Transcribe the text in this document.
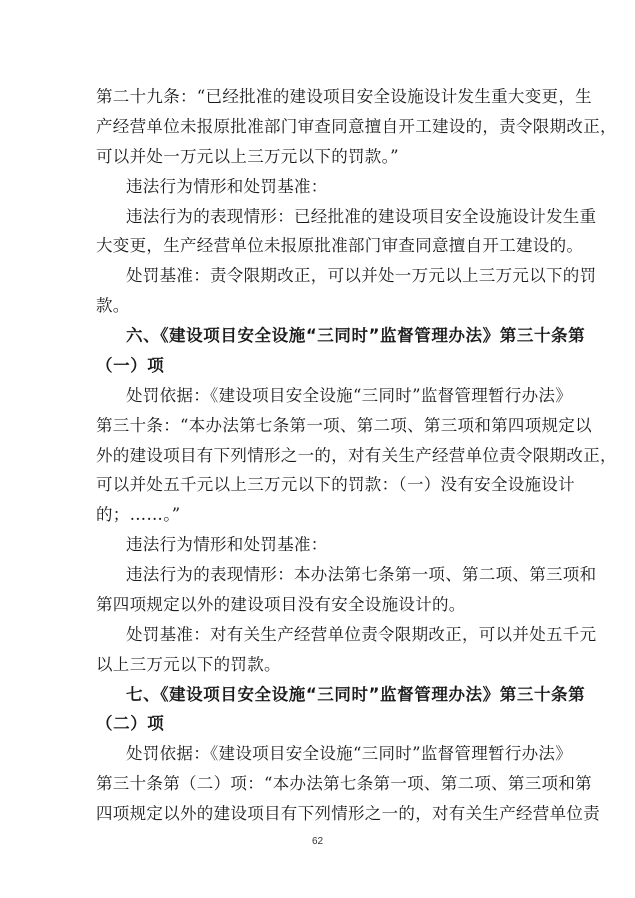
第二十九条：“已经批准的建设项目安全设施设计发生重大变更，生
产经营单位未报原批准部门审查同意擅自开工建设的，责令限期改正，
可以并处一万元以上三万元以下的罚款。”
违法行为情形和处罚基准：
违法行为的表现情形：已经批准的建设项目安全设施设计发生重
大变更，生产经营单位未报原批准部门审查同意擅自开工建设的。
处罚基准：责令限期改正，可以并处一万元以上三万元以下的罚
款。
六、《建设项目安全设施“三同时”监督管理办法》第三十条第
（一）项
处罚依据：《建设项目安全设施“三同时”监督管理暂行办法》
第三十条：“本办法第七条第一项、第二项、第三项和第四项规定以
外的建设项目有下列情形之一的，对有关生产经营单位责令限期改正，
可以并处五千元以上三万元以下的罚款：（一）没有安全设施设计
的；……。”
违法行为情形和处罚基准：
违法行为的表现情形：本办法第七条第一项、第二项、第三项和
第四项规定以外的建设项目没有安全设施设计的。
处罚基准：对有关生产经营单位责令限期改正，可以并处五千元
以上三万元以下的罚款。
七、《建设项目安全设施“三同时”监督管理办法》第三十条第
（二）项
处罚依据：《建设项目安全设施“三同时”监督管理暂行办法》
第三十条第（二）项：“本办法第七条第一项、第二项、第三项和第
四项规定以外的建设项目有下列情形之一的，对有关生产经营单位责
62
